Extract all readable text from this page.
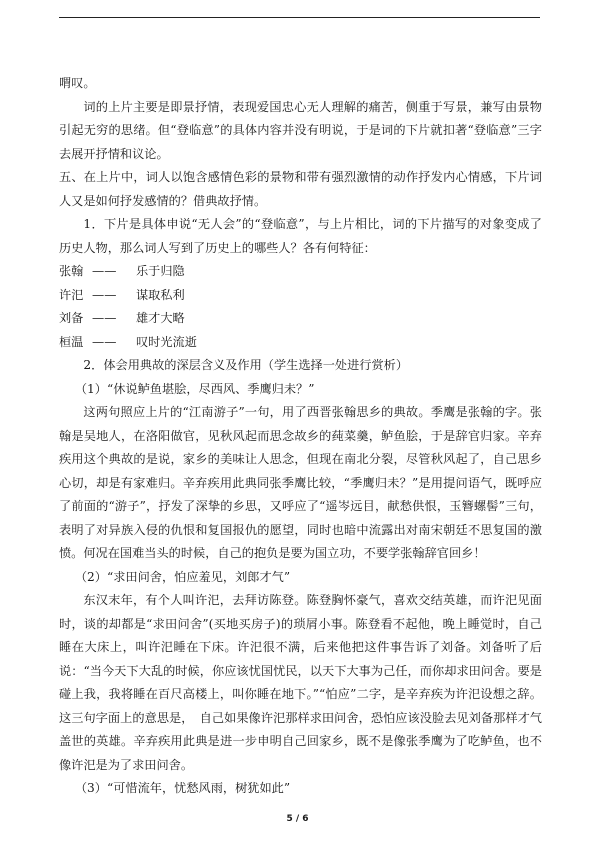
喟叹。

词的上片主要是即景抒情，表现爱国忠心无人理解的痛苦，侧重于写景，兼写由景物引起无穷的思绪。但“登临意”的具体内容并没有明说，于是词的下片就扣著“登临意”三字去展开抒情和议论。

五、在上片中，词人以饱含感情色彩的景物和带有强烈激情的动作抒发内心情感，下片词人又是如何抒发感情的？借典故抒情。

1．下片是具体申说“无人会”的“登临意”，与上片相比，词的下片描写的对象变成了历史人物，那么词人写到了历史上的哪些人？各有何特征：

张翰 —— 乐于归隐

许汜 —— 谋取私利

刘备 —— 雄才大略

桓温 —— 叹时光流逝

2．体会用典故的深层含义及作用（学生选择一处进行赏析）

（1）“休说鲈鱼堪脍，尽西风、季鹰归未？”

这两句照应上片的“江南游子”一句，用了西晋张翰思乡的典故。季鹰是张翰的字。张翰是吴地人，在洛阳做官，见秋风起而思念故乡的莼菜羹，鲈鱼脍，于是辞官归家。辛弃疾用这个典故的是说，家乡的美味让人思念，但现在南北分裂，尽管秋风起了，自己思乡心切，却是有家难归。辛弃疾用此典同张季鹰比较，“季鹰归未？”是用提问语气，既呼应了前面的“游子”，抒发了深挚的乡思，又呼应了“遥岑远目，献愁供恨，玉簪螺髻”三句，表明了对异族入侵的仇恨和复国报仇的愿望，同时也暗中流露出对南宋朝廷不思复国的激愤。何况在国难当头的时候，自己的抱负是要为国立功，不要学张翰辞官回乡！

（2）“求田问舍，怕应羞见，刘郎才气”

东汉末年，有个人叫许汜，去拜访陈登。陈登胸怀豪气，喜欢交结英雄，而许汜见面时，谈的却都是“求田问舍”(买地买房子)的琐屑小事。陈登看不起他，晚上睡觉时，自己睡在大床上，叫许汜睡在下床。许汜很不满，后来他把这件事告诉了刘备。刘备听了后说：“当今天下大乱的时候，你应该忧国忧民，以天下大事为己任，而你却求田问舍。要是碰上我，我将睡在百尺高楼上，叫你睡在地下。”“怕应”二字，是辛弃疾为许汜设想之辞。这三句字面上的意思是，　自己如果像许汜那样求田问舍，恐怕应该没脸去见刘备那样才气盖世的英雄。辛弃疾用此典是进一步申明自己回家乡，既不是像张季鹰为了吃鲈鱼，也不像许汜是为了求田问舍。

（3）“可惜流年，忧愁风雨，树犹如此”

5 / 6
